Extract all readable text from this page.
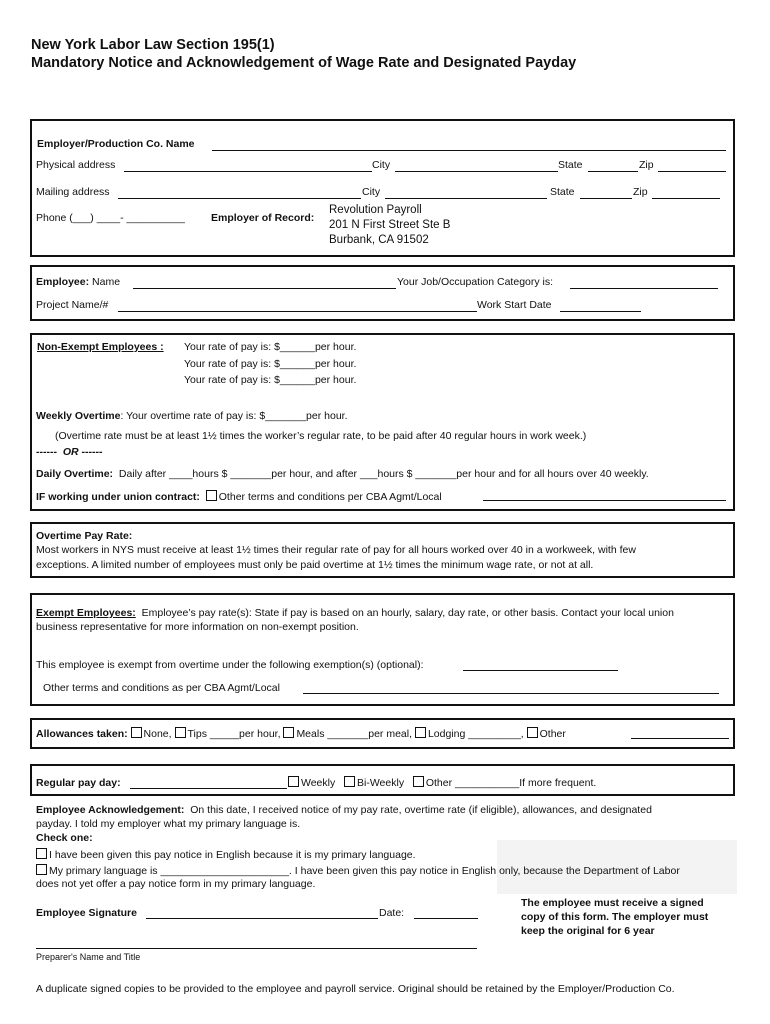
New York Labor Law Section 195(1)
Mandatory Notice and Acknowledgement of Wage Rate and Designated Payday
Employer/Production Co. Name
Physical address	City	State	Zip
Mailing address	City	State	Zip
Phone (___) ____- __________ Employer of Record:
Revolution Payroll
201 N First Street Ste B
Burbank, CA 91502
Employee: Name	Your Job/Occupation Category is:
Project Name/#	Work Start Date
Non-Exempt Employees : Your rate of pay is: $______per hour.
Your rate of pay is: $______per hour.
Your rate of pay is: $______per hour.
Weekly Overtime: Your overtime rate of pay is: $_______per hour.
(Overtime rate must be at least 1½ times the worker’s regular rate, to be paid after 40 regular hours in work week.)
------ OR ------
Daily Overtime: Daily after ____hours $ _______per hour, and after ___hours $ _______per hour and for all hours over 40 weekly.
IF working under union contract: Other terms and conditions per CBA Agmt/Local
Overtime Pay Rate:
Most workers in NYS must receive at least 1½ times their regular rate of pay for all hours worked over 40 in a workweek, with few
exceptions. A limited number of employees must only be paid overtime at 1½ times the minimum wage rate, or not at all.
Exempt Employees: Employee’s pay rate(s): State if pay is based on an hourly, salary, day rate, or other basis. Contact your local union
business representative for more information on non-exempt position.
This employee is exempt from overtime under the following exemption(s) (optional):
Other terms and conditions as per CBA Agmt/Local
Allowances taken: None, Tips _____per hour, Meals _______per meal, Lodging _________, Other
Regular pay day:	Weekly Bi-Weekly Other ___________If more frequent.
Employee Acknowledgement: On this date, I received notice of my pay rate, overtime rate (if eligible), allowances, and designated
payday. I told my employer what my primary language is.
Check one:
I have been given this pay notice in English because it is my primary language.
My primary language is ______________________. I have been given this pay notice in English only, because the Department of Labor
does not yet offer a pay notice form in my primary language.
Employee Signature	Date:
The employee must receive a signed
copy of this form. The employer must
keep the original for 6 year
Preparer's Name and Title
A duplicate signed copies to be provided to the employee and payroll service. Original should be retained by the Employer/Production Co.
